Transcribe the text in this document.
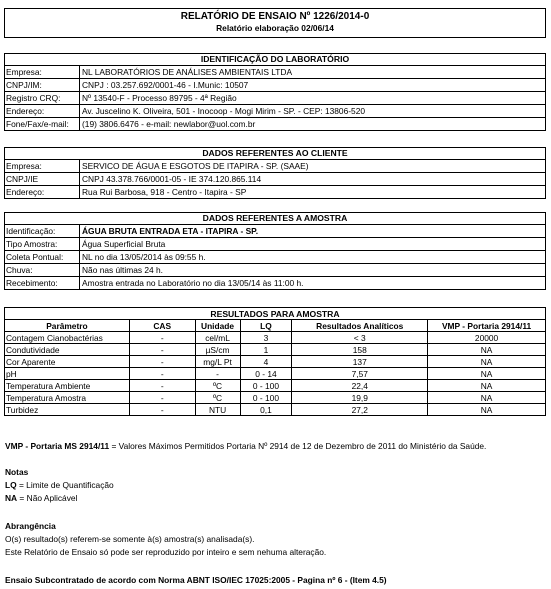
RELATÓRIO DE ENSAIO Nº 1226/2014-0
Relatório elaboração 02/06/14
IDENTIFICAÇÃO DO LABORATÓRIO
Empresa:	NL LABORATÓRIOS DE ANÁLISES AMBIENTAIS LTDA
CNPJ/IM:	CNPJ : 03.257.692/0001-46 - I.Munic: 10507
Registro CRQ:	Nº 13540-F - Processo 89795 - 4ª Região
Endereço:	Av. Juscelino K. Oliveira, 501 - Inocoop - Mogi Mirim - SP. - CEP: 13806-520
Fone/Fax/e-mail:	(19) 3806.6476 - e-mail: newlabor@uol.com.br
DADOS REFERENTES AO CLIENTE
Empresa:	SERVICO DE ÁGUA E ESGOTOS DE ITAPIRA - SP. (SAAE)
CNPJ/IE	CNPJ 43.378.766/0001-05 - IE 374.120.865.114
Endereço:	Rua Rui Barbosa, 918 - Centro - Itapira - SP
DADOS REFERENTES A AMOSTRA
Identificação:	ÁGUA BRUTA ENTRADA ETA - ITAPIRA - SP.
Tipo Amostra:	Água Superficial Bruta
Coleta Pontual:	NL no dia 13/05/2014 às 09:55 h.
Chuva:	Não nas últimas 24 h.
Recebimento:	Amostra entrada no Laboratório no dia 13/05/14 às 11:00 h.
RESULTADOS PARA AMOSTRA					
Parâmetro	CAS	Unidade	LQ	Resultados Analíticos	VMP - Portaria 2914/11
Contagem Cianobactérias	-	cel/mL	3	< 3	20000
Condutividade	-	µS/cm	1	158	NA
Cor Aparente	-	mg/L Pt	4	137	NA
pH	-	-	0 - 14	7,57	NA
Temperatura Ambiente	-	ºC	0 - 100	22,4	NA
Temperatura Amostra	-	ºC	0 - 100	19,9	NA
Turbidez	-	NTU	0,1	27,2	NA
VMP - Portaria MS 2914/11 = Valores Máximos Permitidos Portaria Nº 2914 de 12 de Dezembro de 2011 do Ministério da Saúde.
Notas
LQ = Limite de Quantificação
NA = Não Aplicável
Abrangência
O(s) resultado(s) referem-se somente à(s) amostra(s) analisada(s).
Este Relatório de Ensaio só pode ser reproduzido por inteiro e sem nehuma alteração.
Ensaio Subcontratado de acordo com Norma ABNT ISO/IEC 17025:2005 - Pagina nº 6 - (Item 4.5)
